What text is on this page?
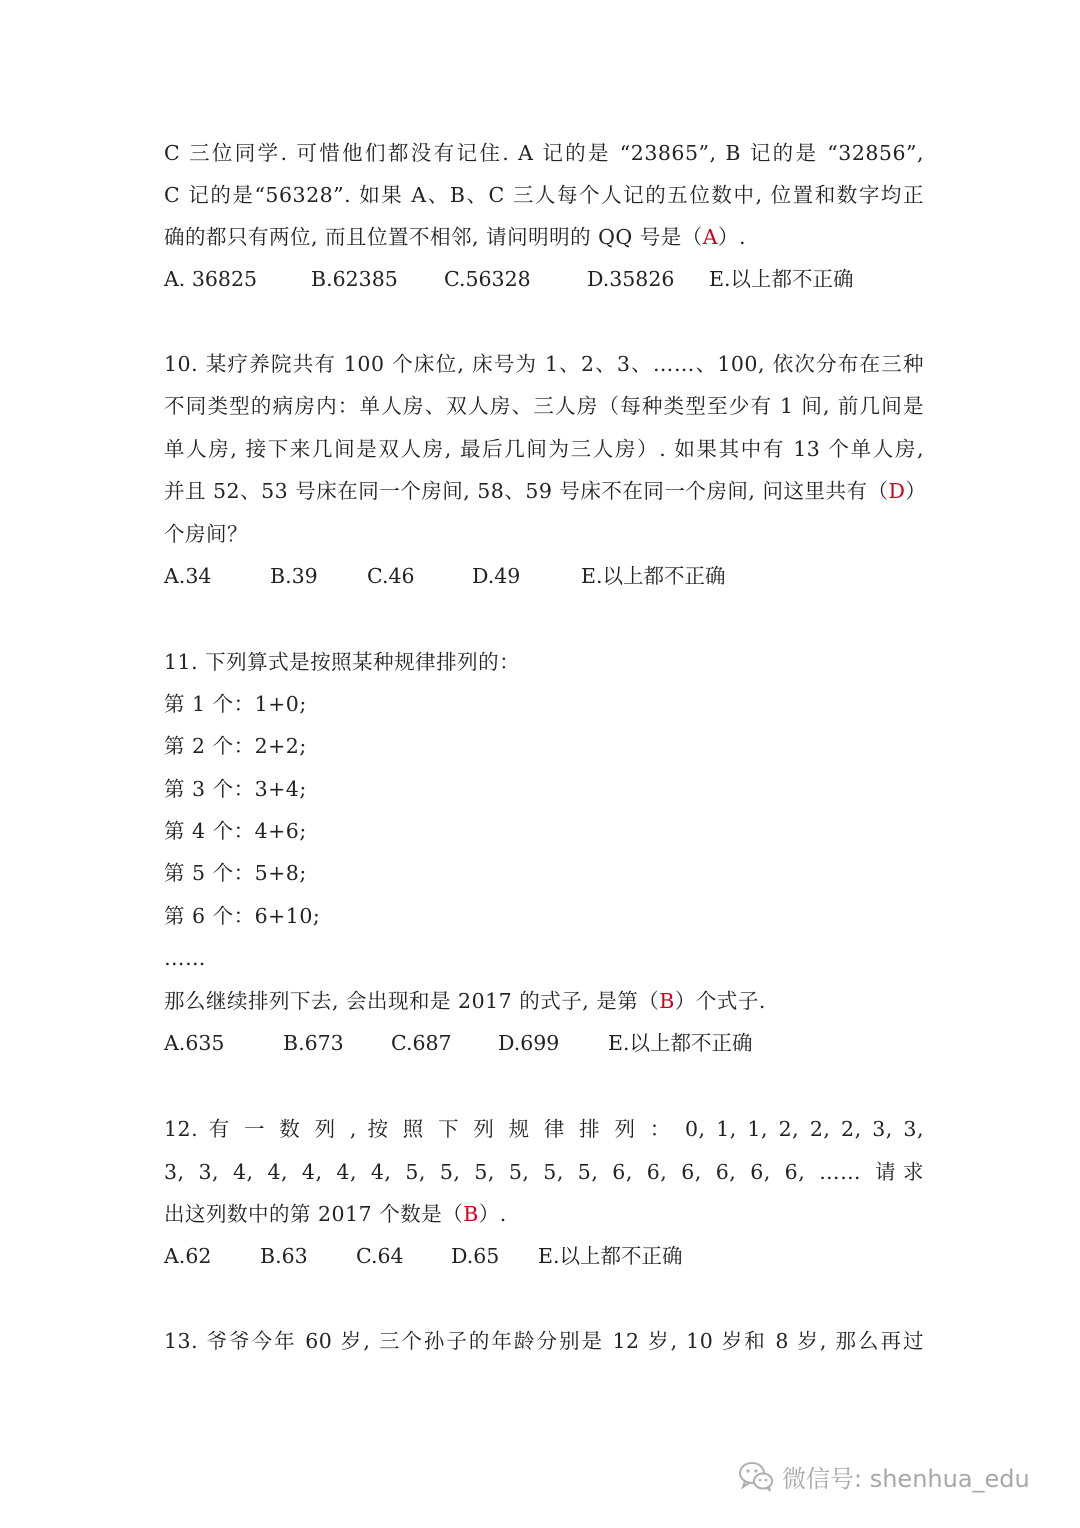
C 三位同学. 可惜他们都没有记住. A 记的是 “23865”, B 记的是 “32856”,
C 记的是“56328”. 如果 A、B、C 三人每个人记的五位数中, 位置和数字均正
确的都只有两位, 而且位置不相邻, 请问明明的 QQ 号是（A）.
A. 36825	B.62385 C.56328	D.35826 E.以上都不正确
10. 某疗养院共有 100 个床位, 床号为 1、2、3、……、100, 依次分布在三种
不同类型的病房内：单人房、双人房、三人房（每种类型至少有 1 间, 前几间是
单人房, 接下来几间是双人房, 最后几间为三人房）. 如果其中有 13 个单人房,
并且 52、53 号床在同一个房间, 58、59 号床不在同一个房间, 问这里共有（D）
个房间？
A.34	B.39 C.46	D.49	E.以上都不正确
11. 下列算式是按照某种规律排列的：
第 1 个：1+0;
第 2 个：2+2;
第 3 个：3+4;
第 4 个：4+6;
第 5 个：5+8;
第 6 个：6+10;
……
那么继续排列下去, 会出现和是 2017 的式子, 是第（B）个式子.
A.635	B.673 C.687 D.699 E.以上都不正确
12. 有 一 数 列 , 按 照 下 列 规 律 排 列 ： 0, 1, 1, 2, 2, 2, 3, 3,
3, 3, 4, 4, 4, 4, 4, 5, 5, 5, 5, 5, 5, 6, 6, 6, 6, 6, 6, …… 请求
出这列数中的第 2017 个数是（B）.
A.62 B.63 C.64 D.65 E.以上都不正确
13. 爷爷今年 60 岁, 三个孙子的年龄分别是 12 岁, 10 岁和 8 岁, 那么再过
微信号: shenhua_edu
